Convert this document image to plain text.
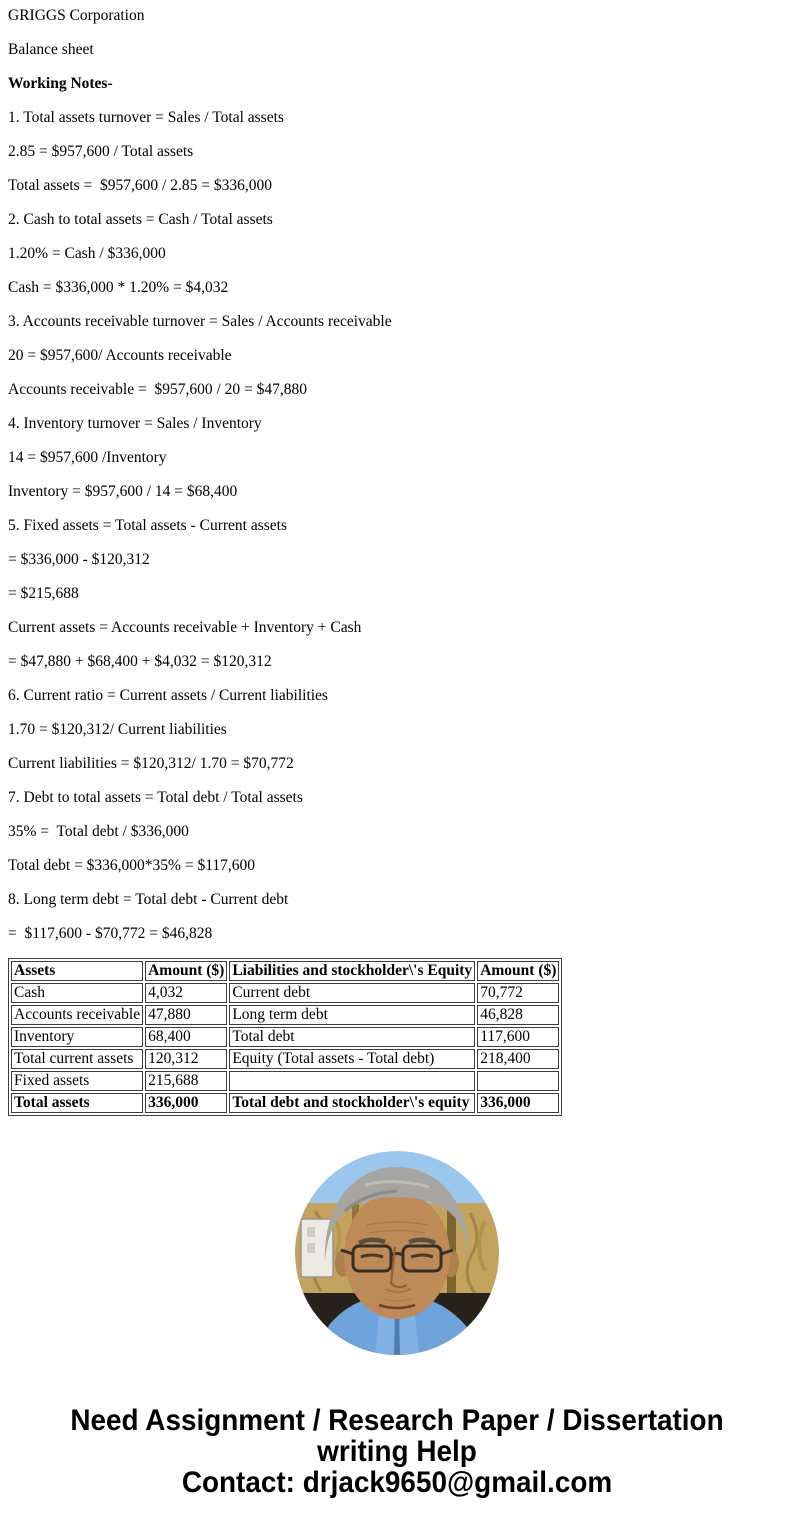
GRIGGS Corporation

Balance sheet

Working Notes-

1. Total assets turnover = Sales / Total assets

2.85 = $957,600 / Total assets

Total assets =  $957,600 / 2.85 = $336,000

2. Cash to total assets = Cash / Total assets

1.20% = Cash / $336,000

Cash = $336,000 * 1.20% = $4,032

3. Accounts receivable turnover = Sales / Accounts receivable

20 = $957,600/ Accounts receivable

Accounts receivable =  $957,600 / 20 = $47,880

4. Inventory turnover = Sales / Inventory

14 = $957,600 /Inventory

Inventory = $957,600 / 14 = $68,400

5. Fixed assets = Total assets - Current assets

= $336,000 - $120,312

= $215,688

Current assets = Accounts receivable + Inventory + Cash

= $47,880 + $68,400 + $4,032 = $120,312

6. Current ratio = Current assets / Current liabilities

1.70 = $120,312/ Current liabilities

Current liabilities = $120,312/ 1.70 = $70,772

7. Debt to total assets = Total debt / Total assets

35% =  Total debt / $336,000

Total debt = $336,000*35% = $117,600

8. Long term debt = Total debt - Current debt

=  $117,600 - $70,772 = $46,828

Assets	Amount ($)	Liabilities and stockholder\'s Equity	Amount ($)
Cash	4,032	Current debt	70,772
Accounts receivable	47,880	Long term debt	46,828
Inventory	68,400	Total debt	117,600
Total current assets	120,312	Equity (Total assets - Total debt)	218,400
Fixed assets	215,688		
Total assets	336,000	Total debt and stockholder\'s equity	336,000
Need Assignment / Research Paper / Dissertation
writing Help
Contact: drjack9650@gmail.com
